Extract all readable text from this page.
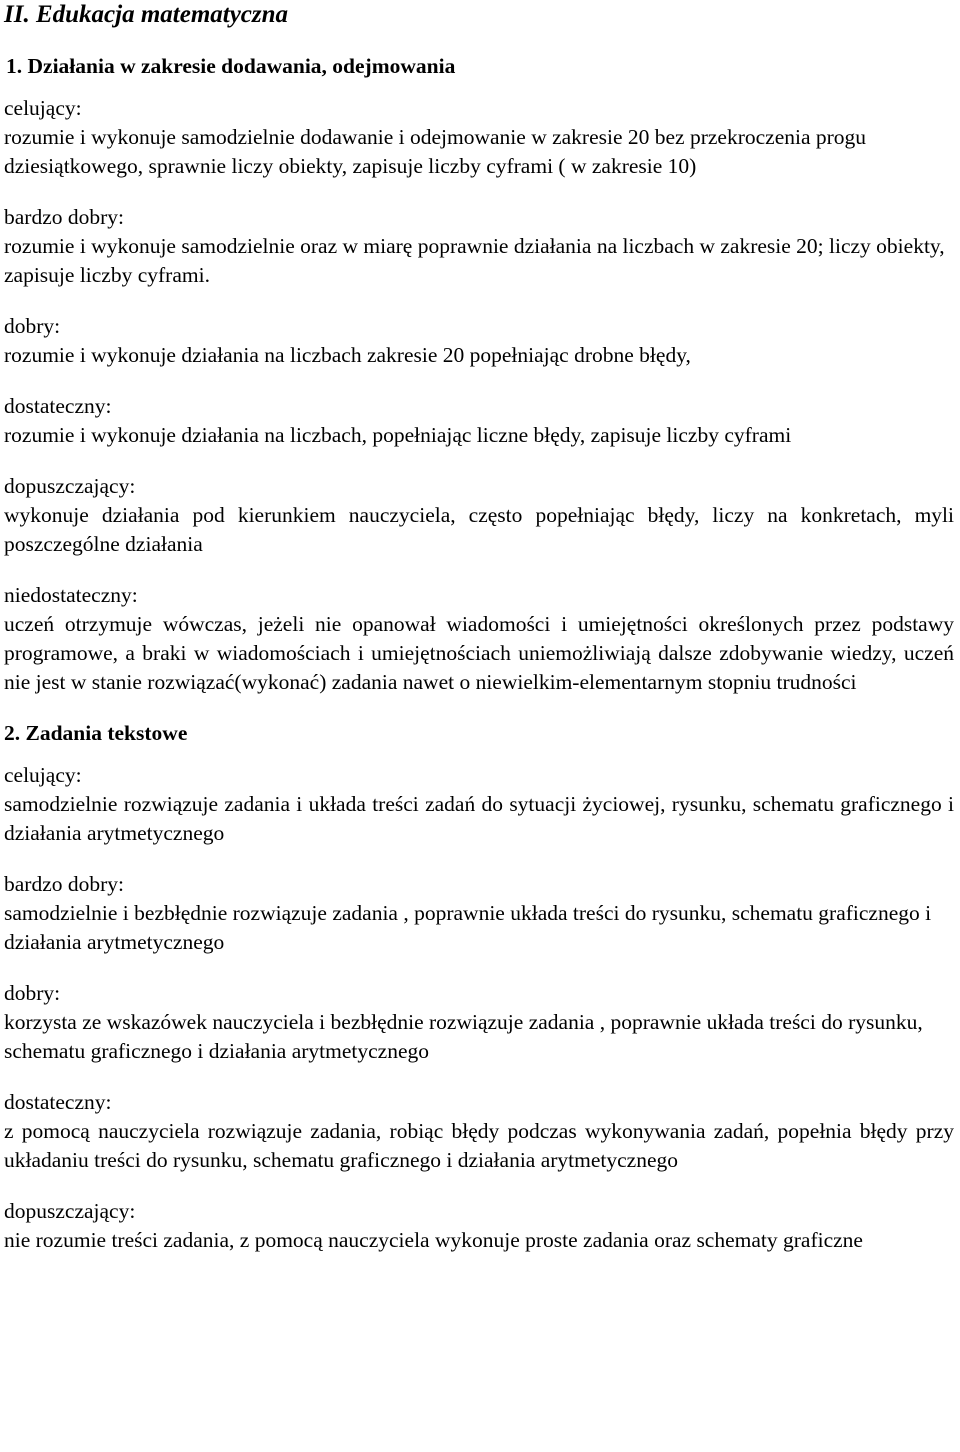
II. Edukacja matematyczna
1. Działania w zakresie dodawania, odejmowania
celujący:
rozumie i wykonuje samodzielnie dodawanie i odejmowanie w zakresie 20 bez przekroczenia progu dziesiątkowego, sprawnie liczy obiekty, zapisuje liczby cyframi ( w zakresie 10)
bardzo dobry:
rozumie i wykonuje samodzielnie oraz w miarę poprawnie działania na liczbach w zakresie 20; liczy obiekty, zapisuje liczby cyframi.
dobry:
rozumie i wykonuje działania na liczbach zakresie 20 popełniając drobne błędy,
dostateczny:
rozumie i wykonuje działania na liczbach, popełniając liczne błędy, zapisuje liczby cyframi
dopuszczający:
wykonuje działania pod kierunkiem nauczyciela, często popełniając błędy, liczy na konkretach, myli poszczególne działania
niedostateczny:
uczeń otrzymuje wówczas, jeżeli nie opanował wiadomości i umiejętności określonych przez podstawy programowe, a braki w wiadomościach i umiejętnościach uniemożliwiają dalsze zdobywanie wiedzy, uczeń nie jest w stanie rozwiązać(wykonać) zadania nawet o niewielkim-elementarnym stopniu trudności
2. Zadania tekstowe
celujący:
samodzielnie rozwiązuje zadania i układa treści zadań do sytuacji życiowej, rysunku, schematu graficznego i działania arytmetycznego
bardzo dobry:
samodzielnie i bezbłędnie rozwiązuje zadania , poprawnie układa treści do rysunku, schematu graficznego i działania arytmetycznego
dobry:
korzysta ze wskazówek nauczyciela i bezbłędnie rozwiązuje zadania , poprawnie układa treści do rysunku, schematu graficznego i działania arytmetycznego
dostateczny:
z pomocą nauczyciela rozwiązuje zadania, robiąc błędy podczas wykonywania zadań, popełnia błędy przy układaniu treści do rysunku, schematu graficznego i działania arytmetycznego
dopuszczający:
nie rozumie treści zadania, z pomocą nauczyciela wykonuje proste zadania oraz schematy graficzne
